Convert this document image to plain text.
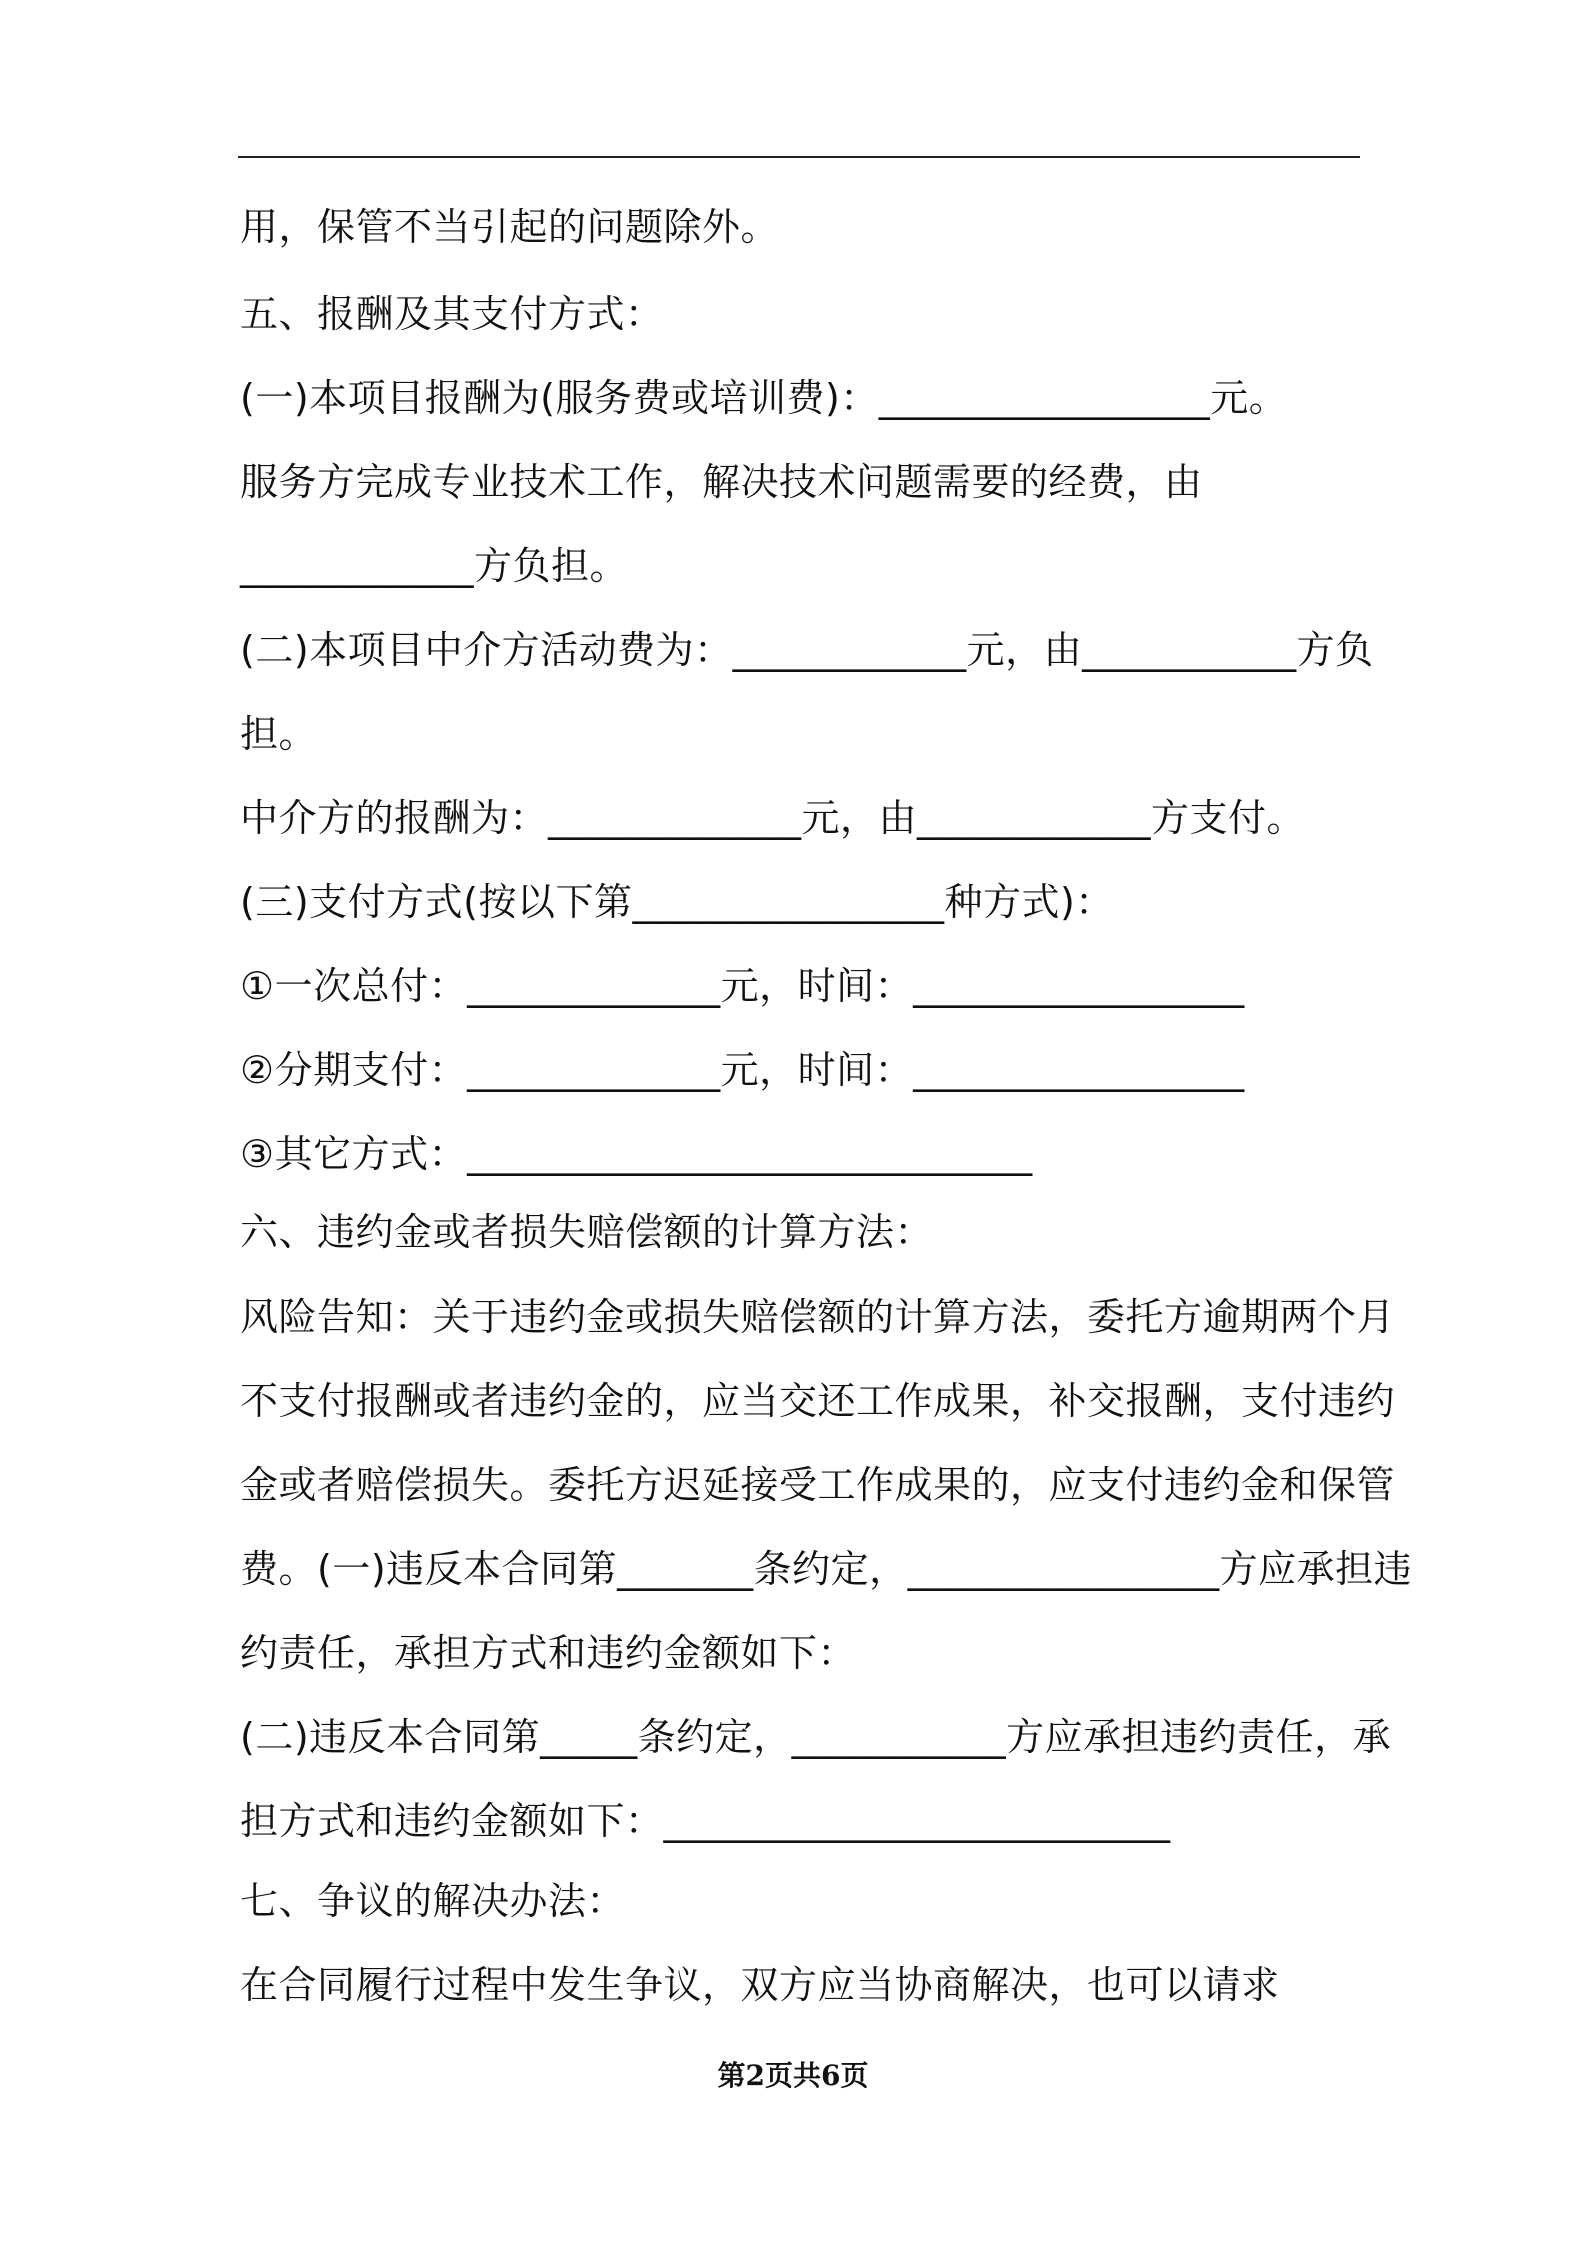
用，保管不当引起的问题除外。
五、报酬及其支付方式：
(一)本项目报酬为(服务费或培训费)：_________________元。
服务方完成专业技术工作，解决技术问题需要的经费，由
____________方负担。
(二)本项目中介方活动费为：____________元，由___________方负
担。
中介方的报酬为：_____________元，由____________方支付。
(三)支付方式(按以下第________________种方式)：
①一次总付：_____________元，时间：_________________
②分期支付：_____________元，时间：_________________
③其它方式：_____________________________
六、违约金或者损失赔偿额的计算方法：
风险告知：关于违约金或损失赔偿额的计算方法，委托方逾期两个月
不支付报酬或者违约金的，应当交还工作成果，补交报酬，支付违约
金或者赔偿损失。委托方迟延接受工作成果的，应支付违约金和保管
费。(一)违反本合同第_______条约定，________________方应承担违
约责任，承担方式和违约金额如下：
(二)违反本合同第_____条约定，___________方应承担违约责任，承
担方式和违约金额如下：__________________________
七、争议的解决办法：
在合同履行过程中发生争议，双方应当协商解决，也可以请求
第2页共6页
